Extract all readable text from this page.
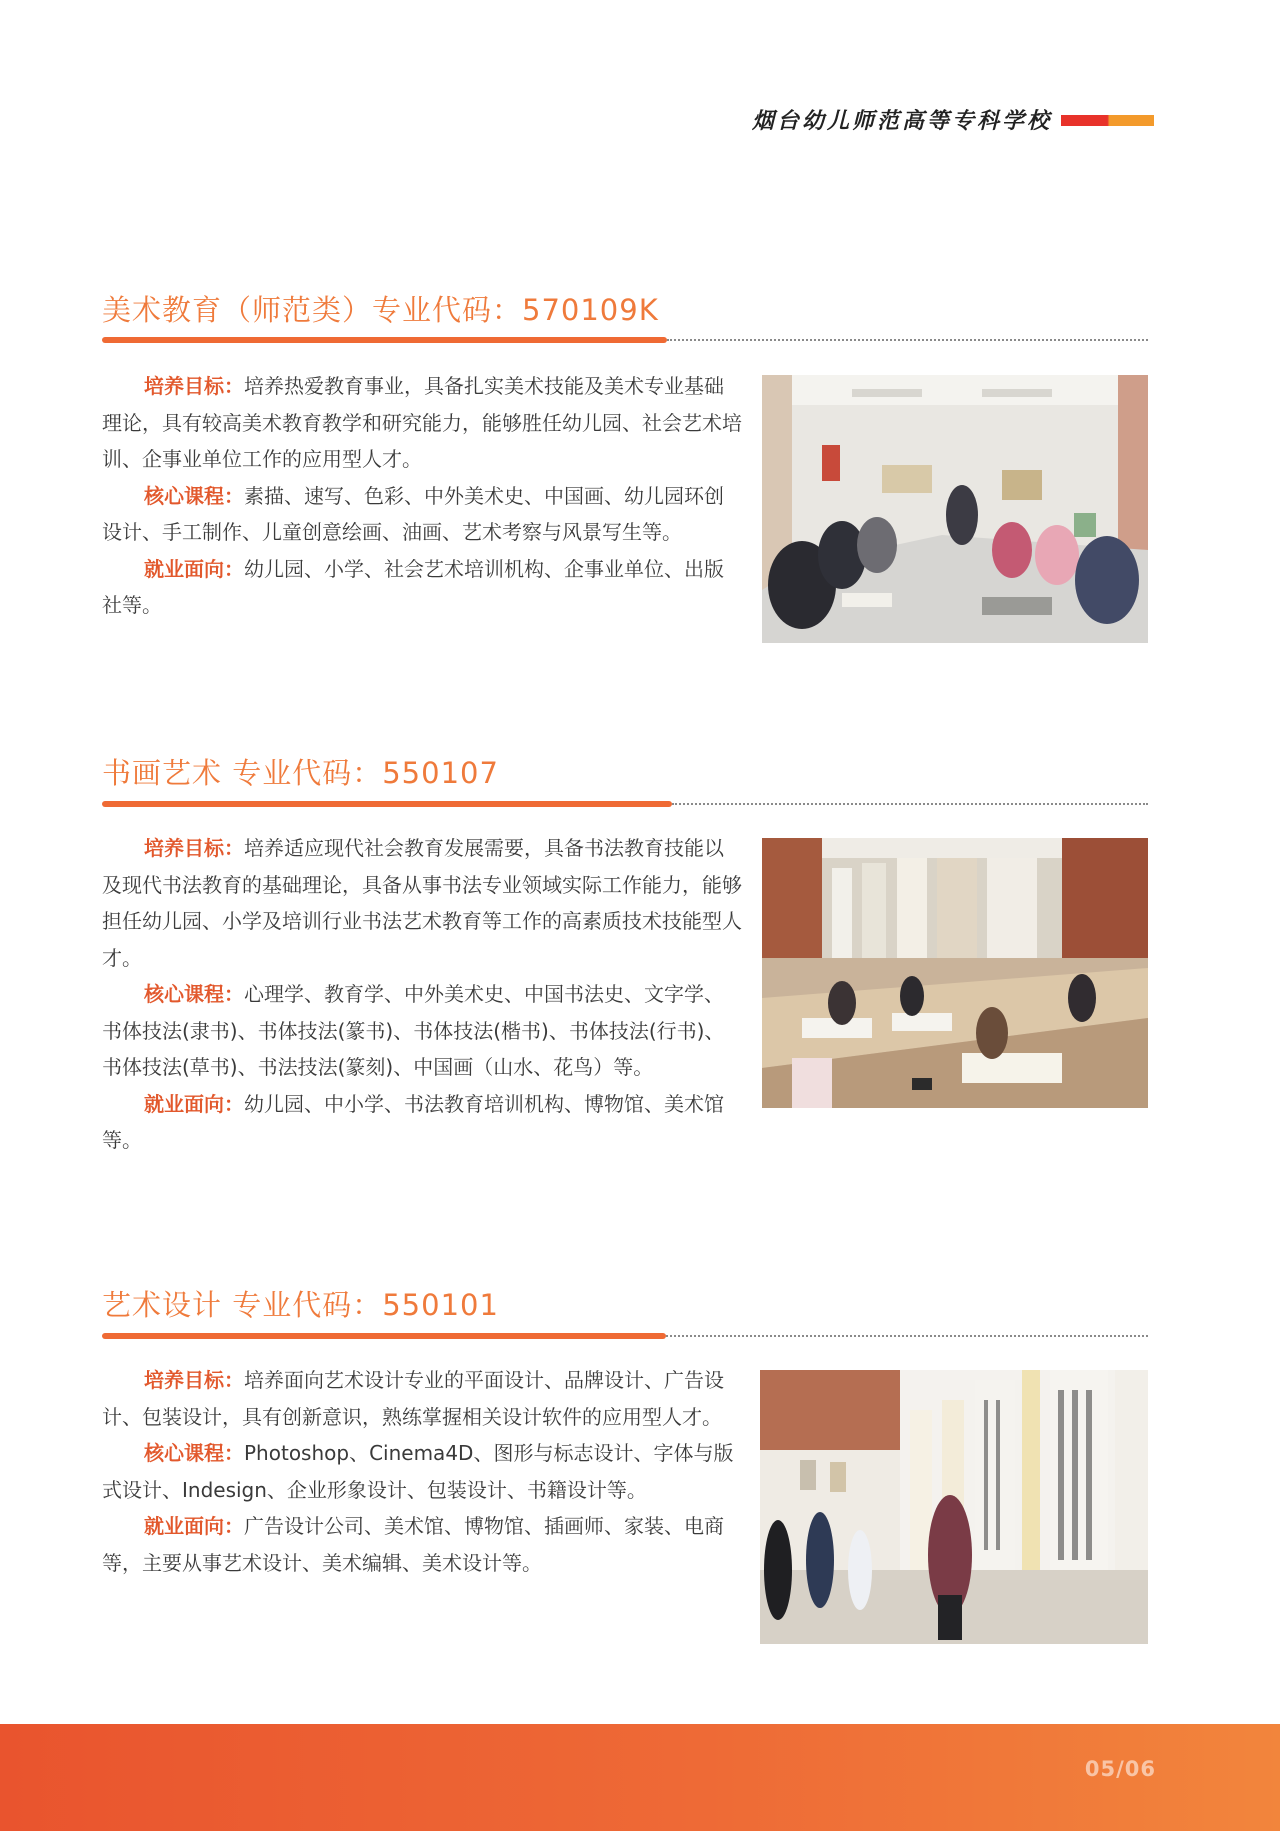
烟台幼儿师范高等专科学校
美术教育（师范类）专业代码：570109K

培养目标：培养热爱教育事业，具备扎实美术技能及美术专业基础理论，具有较高美术教育教学和研究能力，能够胜任幼儿园、社会艺术培训、企事业单位工作的应用型人才。

核心课程：素描、速写、色彩、中外美术史、中国画、幼儿园环创设计、手工制作、儿童创意绘画、油画、艺术考察与风景写生等。

就业面向：幼儿园、小学、社会艺术培训机构、企事业单位、出版社等。

书画艺术 专业代码：550107

培养目标：培养适应现代社会教育发展需要，具备书法教育技能以及现代书法教育的基础理论，具备从事书法专业领域实际工作能力，能够担任幼儿园、小学及培训行业书法艺术教育等工作的高素质技术技能型人才。

核心课程：心理学、教育学、中外美术史、中国书法史、文字学、书体技法(隶书)、书体技法(篆书)、书体技法(楷书)、书体技法(行书)、书体技法(草书)、书法技法(篆刻)、中国画（山水、花鸟）等。

就业面向：幼儿园、中小学、书法教育培训机构、博物馆、美术馆等。

艺术设计 专业代码：550101

培养目标：培养面向艺术设计专业的平面设计、品牌设计、广告设计、包装设计，具有创新意识，熟练掌握相关设计软件的应用型人才。

核心课程：Photoshop、Cinema4D、图形与标志设计、字体与版式设计、Indesign、企业形象设计、包装设计、书籍设计等。

就业面向：广告设计公司、美术馆、博物馆、插画师、家装、电商等，主要从事艺术设计、美术编辑、美术设计等。

05/06
